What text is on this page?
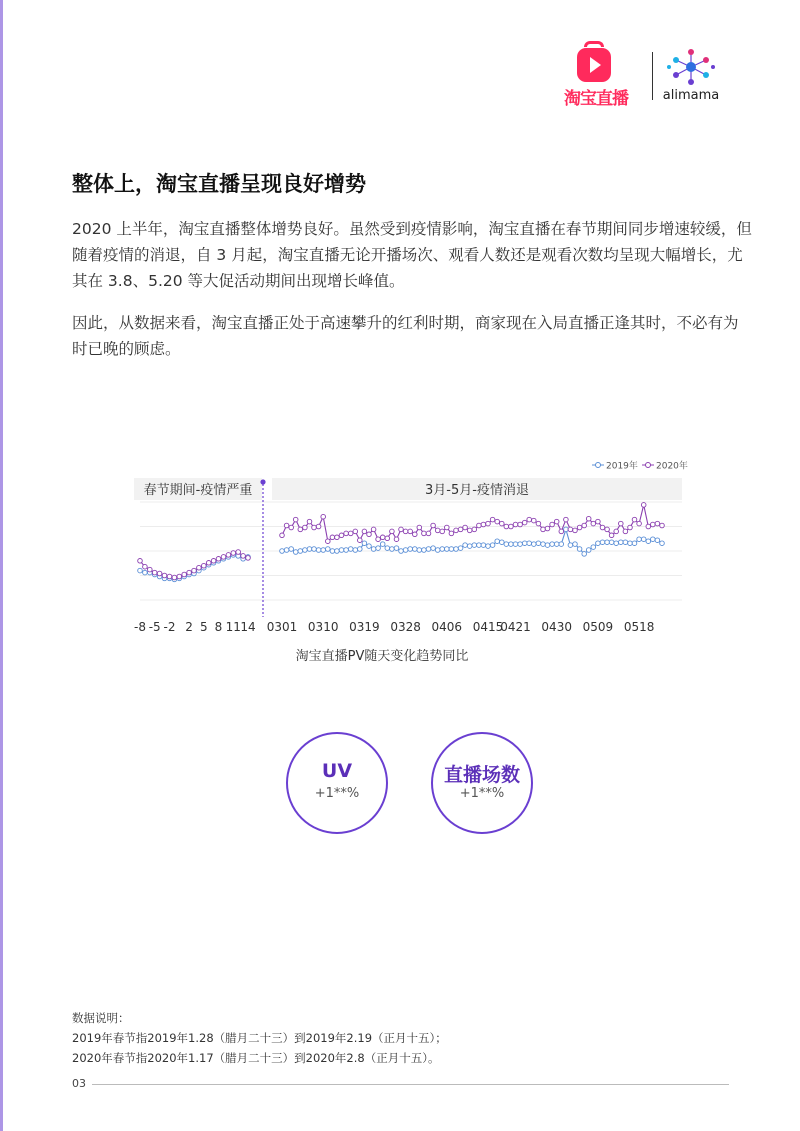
淘宝直播	alimama
整体上，淘宝直播呈现良好增势

2020 上半年，淘宝直播整体增势良好。虽然受到疫情影响，淘宝直播在春节期间同步增速较缓，但随着疫情的消退，自 3 月起，淘宝直播无论开播场次、观看人数还是观看次数均呈现大幅增长，尤其在 3.8、5.20 等大促活动期间出现增长峰值。

因此，从数据来看，淘宝直播正处于高速攀升的红利时期，商家现在入局直播正逢其时，不必有为时已晚的顾虑。

春节期间-疫情严重	3月-5月-疫情消退
2019年 2020年
-8 -5 -2 2 5 8 11 14 0301 0310 0319 0328 0406 0415
0421 0430 0509 0518
淘宝直播PV随天变化趋势同比
UV
+1**%
直播场数
+1**%
数据说明：
2019年春节指2019年1.28（腊月二十三）到2019年2.19（正月十五）；
2020年春节指2020年1.17（腊月二十三）到2020年2.8（正月十五）。
03
